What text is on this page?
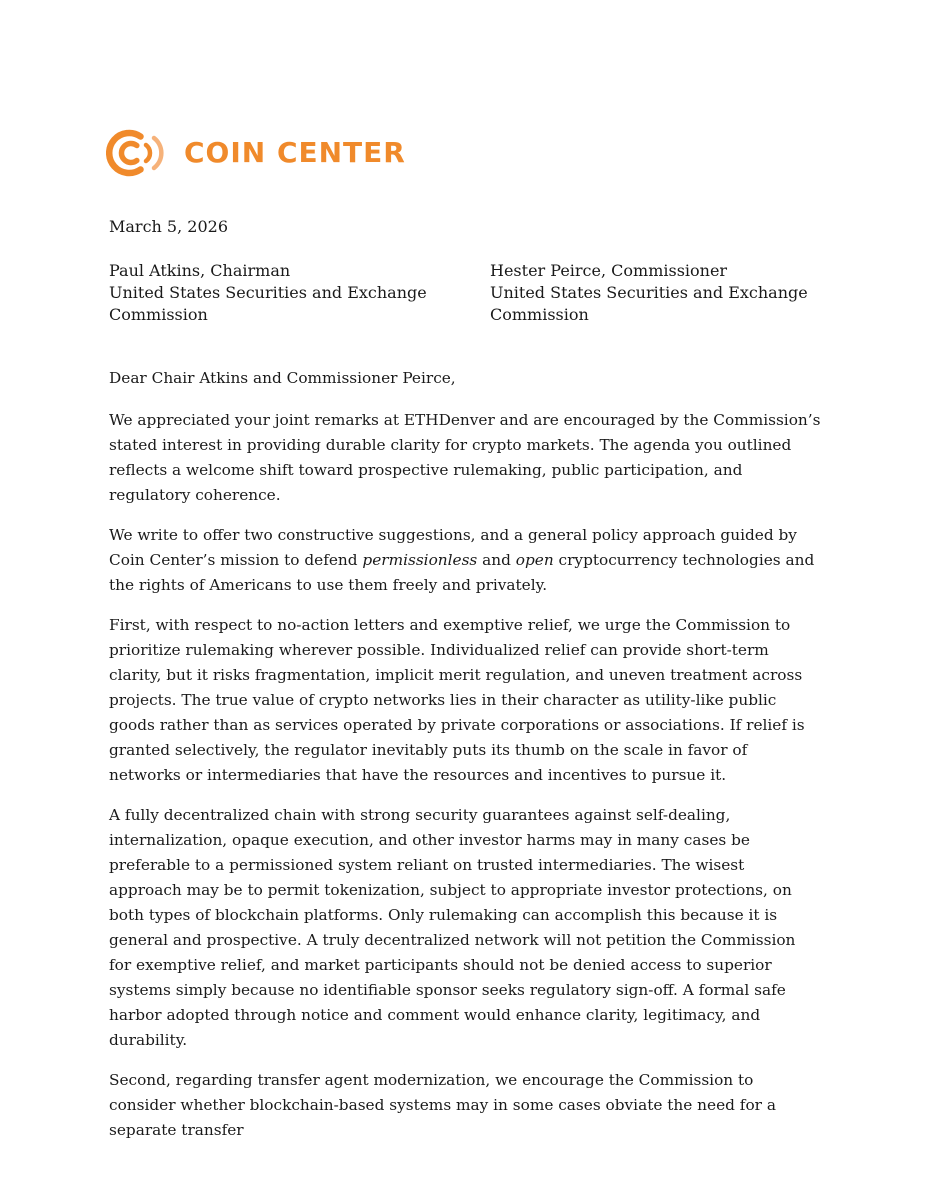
COIN CENTER
March 5, 2026
Paul Atkins, Chairman
United States Securities and Exchange
Commission
Hester Peirce, Commissioner
United States Securities and Exchange
Commission

Dear Chair Atkins and Commissioner Peirce,

We appreciated your joint remarks at ETHDenver and are encouraged by the Commission’s stated interest in providing durable clarity for crypto markets. The agenda you outlined reflects a welcome shift toward prospective rulemaking, public participation, and regulatory coherence.

We write to offer two constructive suggestions, and a general policy approach guided by Coin Center’s mission to defend permissionless and open cryptocurrency technologies and the rights of Americans to use them freely and privately.

First, with respect to no-action letters and exemptive relief, we urge the Commission to prioritize rulemaking wherever possible. Individualized relief can provide short-term clarity, but it risks fragmentation, implicit merit regulation, and uneven treatment across projects. The true value of crypto networks lies in their character as utility-like public goods rather than as services operated by private corporations or associations. If relief is granted selectively, the regulator inevitably puts its thumb on the scale in favor of networks or intermediaries that have the resources and incentives to pursue it.

A fully decentralized chain with strong security guarantees against self-dealing, internalization, opaque execution, and other investor harms may in many cases be preferable to a permissioned system reliant on trusted intermediaries. The wisest approach may be to permit tokenization, subject to appropriate investor protections, on both types of blockchain platforms. Only rulemaking can accomplish this because it is general and prospective. A truly decentralized network will not petition the Commission for exemptive relief, and market participants should not be denied access to superior systems simply because no identifiable sponsor seeks regulatory sign-off. A formal safe harbor adopted through notice and comment would enhance clarity, legitimacy, and durability.

Second, regarding transfer agent modernization, we encourage the Commission to consider whether blockchain-based systems may in some cases obviate the need for a separate transfer
